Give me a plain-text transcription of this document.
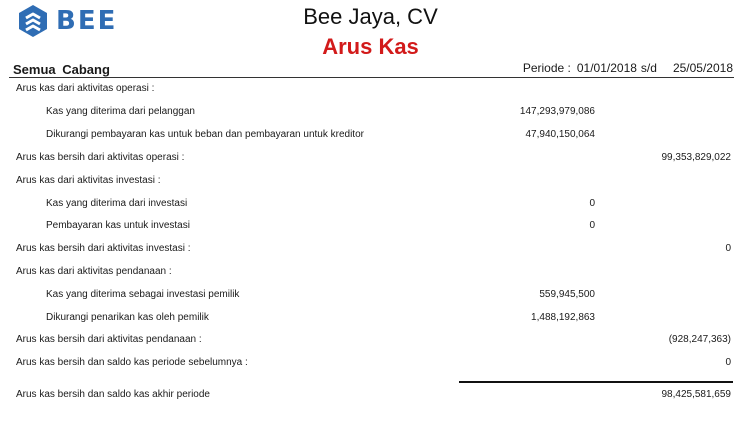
BEE	Bee Jaya, CV
Arus Kas
Semua Cabang	Periode : 01/01/2018 s/d 25/05/2018
Arus kas dari aktivitas operasi :
Kas yang diterima dari pelanggan	147,293,979,086
Dikurangi pembayaran kas untuk beban dan pembayaran untuk kreditor	47,940,150,064
Arus kas bersih dari aktivitas operasi :	99,353,829,022
Arus kas dari aktivitas investasi :
Kas yang diterima dari investasi	0
Pembayaran kas untuk investasi	0
Arus kas bersih dari aktivitas investasi :	0
Arus kas dari aktivitas pendanaan :
Kas yang diterima sebagai investasi pemilik	559,945,500
Dikurangi penarikan kas oleh pemilik	1,488,192,863
Arus kas bersih dari aktivitas pendanaan :	(928,247,363)
Arus kas bersih dan saldo kas periode sebelumnya :	0
Arus kas bersih dan saldo kas akhir periode	98,425,581,659
